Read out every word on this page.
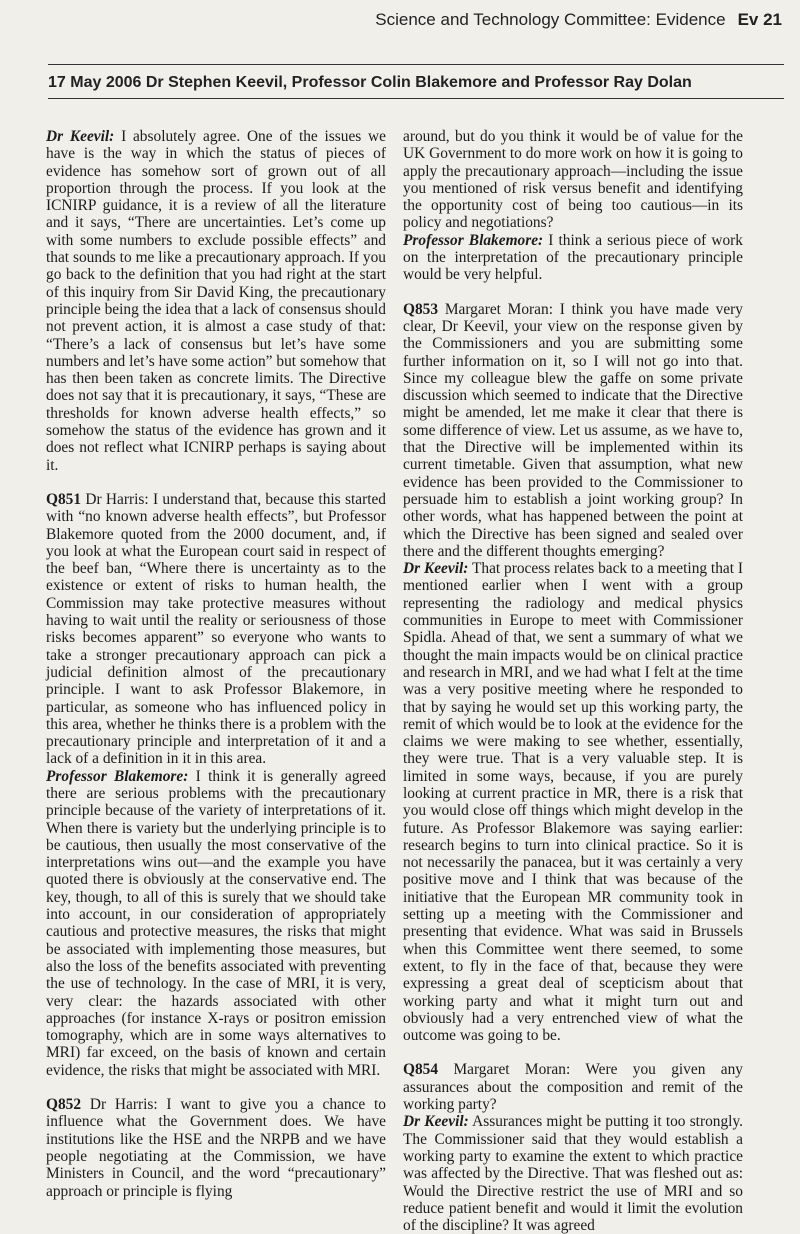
Science and Technology Committee: Evidence Ev 21
17 May 2006 Dr Stephen Keevil, Professor Colin Blakemore and Professor Ray Dolan

Dr Keevil: I absolutely agree. One of the issues we have is the way in which the status of pieces of evidence has somehow sort of grown out of all proportion through the process. If you look at the ICNIRP guidance, it is a review of all the literature and it says, “There are uncertainties. Let’s come up with some numbers to exclude possible effects” and that sounds to me like a precautionary approach. If you go back to the definition that you had right at the start of this inquiry from Sir David King, the precautionary principle being the idea that a lack of consensus should not prevent action, it is almost a case study of that: “There’s a lack of consensus but let’s have some numbers and let’s have some action” but somehow that has then been taken as concrete limits. The Directive does not say that it is precautionary, it says, “These are thresholds for known adverse health effects,” so somehow the status of the evidence has grown and it does not reflect what ICNIRP perhaps is saying about it.

Q851 Dr Harris: I understand that, because this started with “no known adverse health effects”, but Professor Blakemore quoted from the 2000 document, and, if you look at what the European court said in respect of the beef ban, “Where there is uncertainty as to the existence or extent of risks to human health, the Commission may take protective measures without having to wait until the reality or seriousness of those risks becomes apparent” so everyone who wants to take a stronger precautionary approach can pick a judicial definition almost of the precautionary principle. I want to ask Professor Blakemore, in particular, as someone who has influenced policy in this area, whether he thinks there is a problem with the precautionary principle and interpretation of it and a lack of a definition in it in this area.

Professor Blakemore: I think it is generally agreed there are serious problems with the precautionary principle because of the variety of interpretations of it. When there is variety but the underlying principle is to be cautious, then usually the most conservative of the interpretations wins out—and the example you have quoted there is obviously at the conservative end. The key, though, to all of this is surely that we should take into account, in our consideration of appropriately cautious and protective measures, the risks that might be associated with implementing those measures, but also the loss of the benefits associated with preventing the use of technology. In the case of MRI, it is very, very clear: the hazards associated with other approaches (for instance X-rays or positron emission tomography, which are in some ways alternatives to MRI) far exceed, on the basis of known and certain evidence, the risks that might be associated with MRI.

Q852 Dr Harris: I want to give you a chance to influence what the Government does. We have institutions like the HSE and the NRPB and we have people negotiating at the Commission, we have Ministers in Council, and the word “precautionary” approach or principle is flying

around, but do you think it would be of value for the UK Government to do more work on how it is going to apply the precautionary approach—including the issue you mentioned of risk versus benefit and identifying the opportunity cost of being too cautious—in its policy and negotiations?

Professor Blakemore: I think a serious piece of work on the interpretation of the precautionary principle would be very helpful.

Q853 Margaret Moran: I think you have made very clear, Dr Keevil, your view on the response given by the Commissioners and you are submitting some further information on it, so I will not go into that. Since my colleague blew the gaffe on some private discussion which seemed to indicate that the Directive might be amended, let me make it clear that there is some difference of view. Let us assume, as we have to, that the Directive will be implemented within its current timetable. Given that assumption, what new evidence has been provided to the Commissioner to persuade him to establish a joint working group? In other words, what has happened between the point at which the Directive has been signed and sealed over there and the different thoughts emerging?

Dr Keevil: That process relates back to a meeting that I mentioned earlier when I went with a group representing the radiology and medical physics communities in Europe to meet with Commissioner Spidla. Ahead of that, we sent a summary of what we thought the main impacts would be on clinical practice and research in MRI, and we had what I felt at the time was a very positive meeting where he responded to that by saying he would set up this working party, the remit of which would be to look at the evidence for the claims we were making to see whether, essentially, they were true. That is a very valuable step. It is limited in some ways, because, if you are purely looking at current practice in MR, there is a risk that you would close off things which might develop in the future. As Professor Blakemore was saying earlier: research begins to turn into clinical practice. So it is not necessarily the panacea, but it was certainly a very positive move and I think that was because of the initiative that the European MR community took in setting up a meeting with the Commissioner and presenting that evidence. What was said in Brussels when this Committee went there seemed, to some extent, to fly in the face of that, because they were expressing a great deal of scepticism about that working party and what it might turn out and obviously had a very entrenched view of what the outcome was going to be.

Q854 Margaret Moran: Were you given any assurances about the composition and remit of the working party?

Dr Keevil: Assurances might be putting it too strongly. The Commissioner said that they would establish a working party to examine the extent to which practice was affected by the Directive. That was fleshed out as: Would the Directive restrict the use of MRI and so reduce patient benefit and would it limit the evolution of the discipline? It was agreed
